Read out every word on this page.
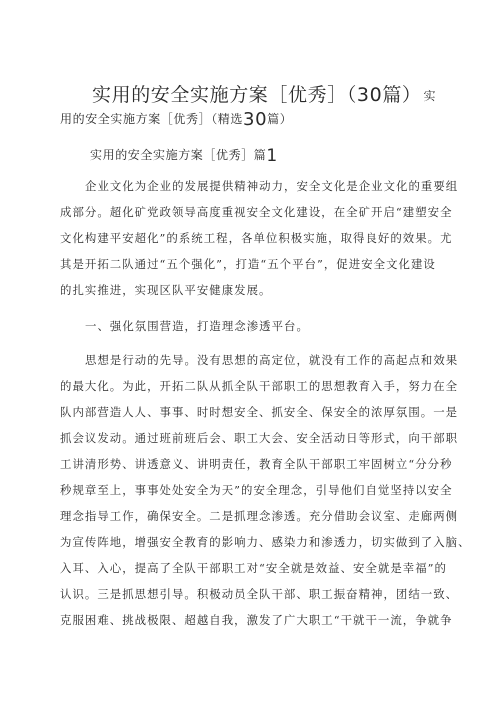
实用的安全实施方案［优秀］（30篇） 实
用的安全实施方案［优秀］（精选30篇）
实用的安全实施方案［优秀］篇1
企业文化为企业的发展提供精神动力，安全文化是企业文化的重要组
成部分。超化矿党政领导高度重视安全文化建设，在全矿开启“建塑安全
文化构建平安超化”的系统工程，各单位积极实施，取得良好的效果。尤
其是开拓二队通过“五个强化”，打造“五个平台”，促进安全文化建设
的扎实推进，实现区队平安健康发展。
一、强化氛围营造，打造理念渗透平台。
思想是行动的先导。没有思想的高定位，就没有工作的高起点和效果
的最大化。为此，开拓二队从抓全队干部职工的思想教育入手，努力在全
队内部营造人人、事事、时时想安全、抓安全、保安全的浓厚氛围。一是
抓会议发动。通过班前班后会、职工大会、安全活动日等形式，向干部职
工讲清形势、讲透意义、讲明责任，教育全队干部职工牢固树立“分分秒
秒规章至上，事事处处安全为天”的安全理念，引导他们自觉坚持以安全
理念指导工作，确保安全。二是抓理念渗透。充分借助会议室、走廊两侧
为宣传阵地，增强安全教育的影响力、感染力和渗透力，切实做到了入脑、
入耳、入心，提高了全队干部职工对“安全就是效益、安全就是幸福”的
认识。三是抓思想引导。积极动员全队干部、职工振奋精神，团结一致、
克服困难、挑战极限、超越自我，激发了广大职工“干就干一流，争就争
